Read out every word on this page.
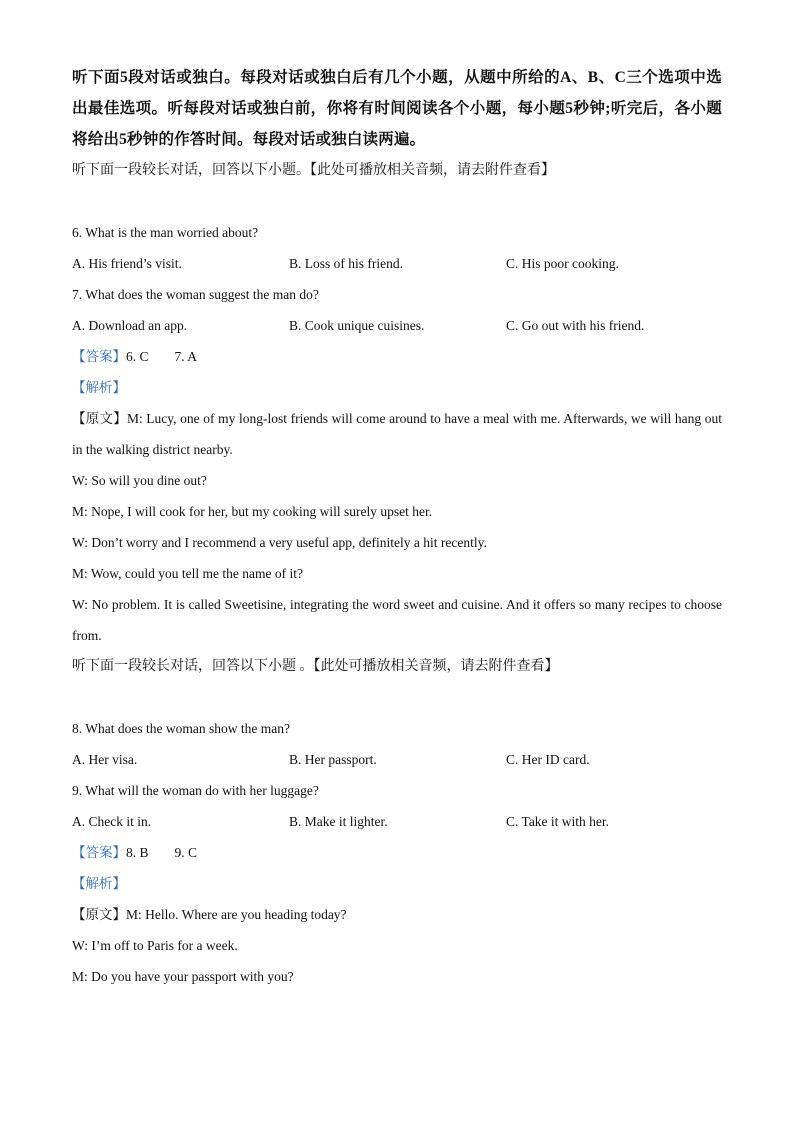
听下面5段对话或独白。每段对话或独白后有几个小题，从题中所给的A、B、C三个选项中选出最佳选项。听每段对话或独白前，你将有时间阅读各个小题，每小题5秒钟;听完后，各小题将给出5秒钟的作答时间。每段对话或独白读两遍。
听下面一段较长对话，回答以下小题。【此处可播放相关音频，请去附件查看】
6. What is the man worried about?
A. His friend’s visit.	B. Loss of his friend.	C. His poor cooking.
7. What does the woman suggest the man do?
A. Download an app.	B. Cook unique cuisines.	C. Go out with his friend.
【答案】6. C 7. A
【解析】
【原文】M: Lucy, one of my long-lost friends will come around to have a meal with me. Afterwards, we will hang out in the walking district nearby.
W: So will you dine out?
M: Nope, I will cook for her, but my cooking will surely upset her.
W: Don’t worry and I recommend a very useful app, definitely a hit recently.
M: Wow, could you tell me the name of it?
W: No problem. It is called Sweetisine, integrating the word sweet and cuisine. And it offers so many recipes to choose from.
听下面一段较长对话，回答以下小题 。【此处可播放相关音频，请去附件查看】
8. What does the woman show the man?
A. Her visa.	B. Her passport.	C. Her ID card.
9. What will the woman do with her luggage?
A. Check it in.	B. Make it lighter.	C. Take it with her.
【答案】8. B 9. C
【解析】
【原文】M: Hello. Where are you heading today?
W: I’m off to Paris for a week.
M: Do you have your passport with you?
